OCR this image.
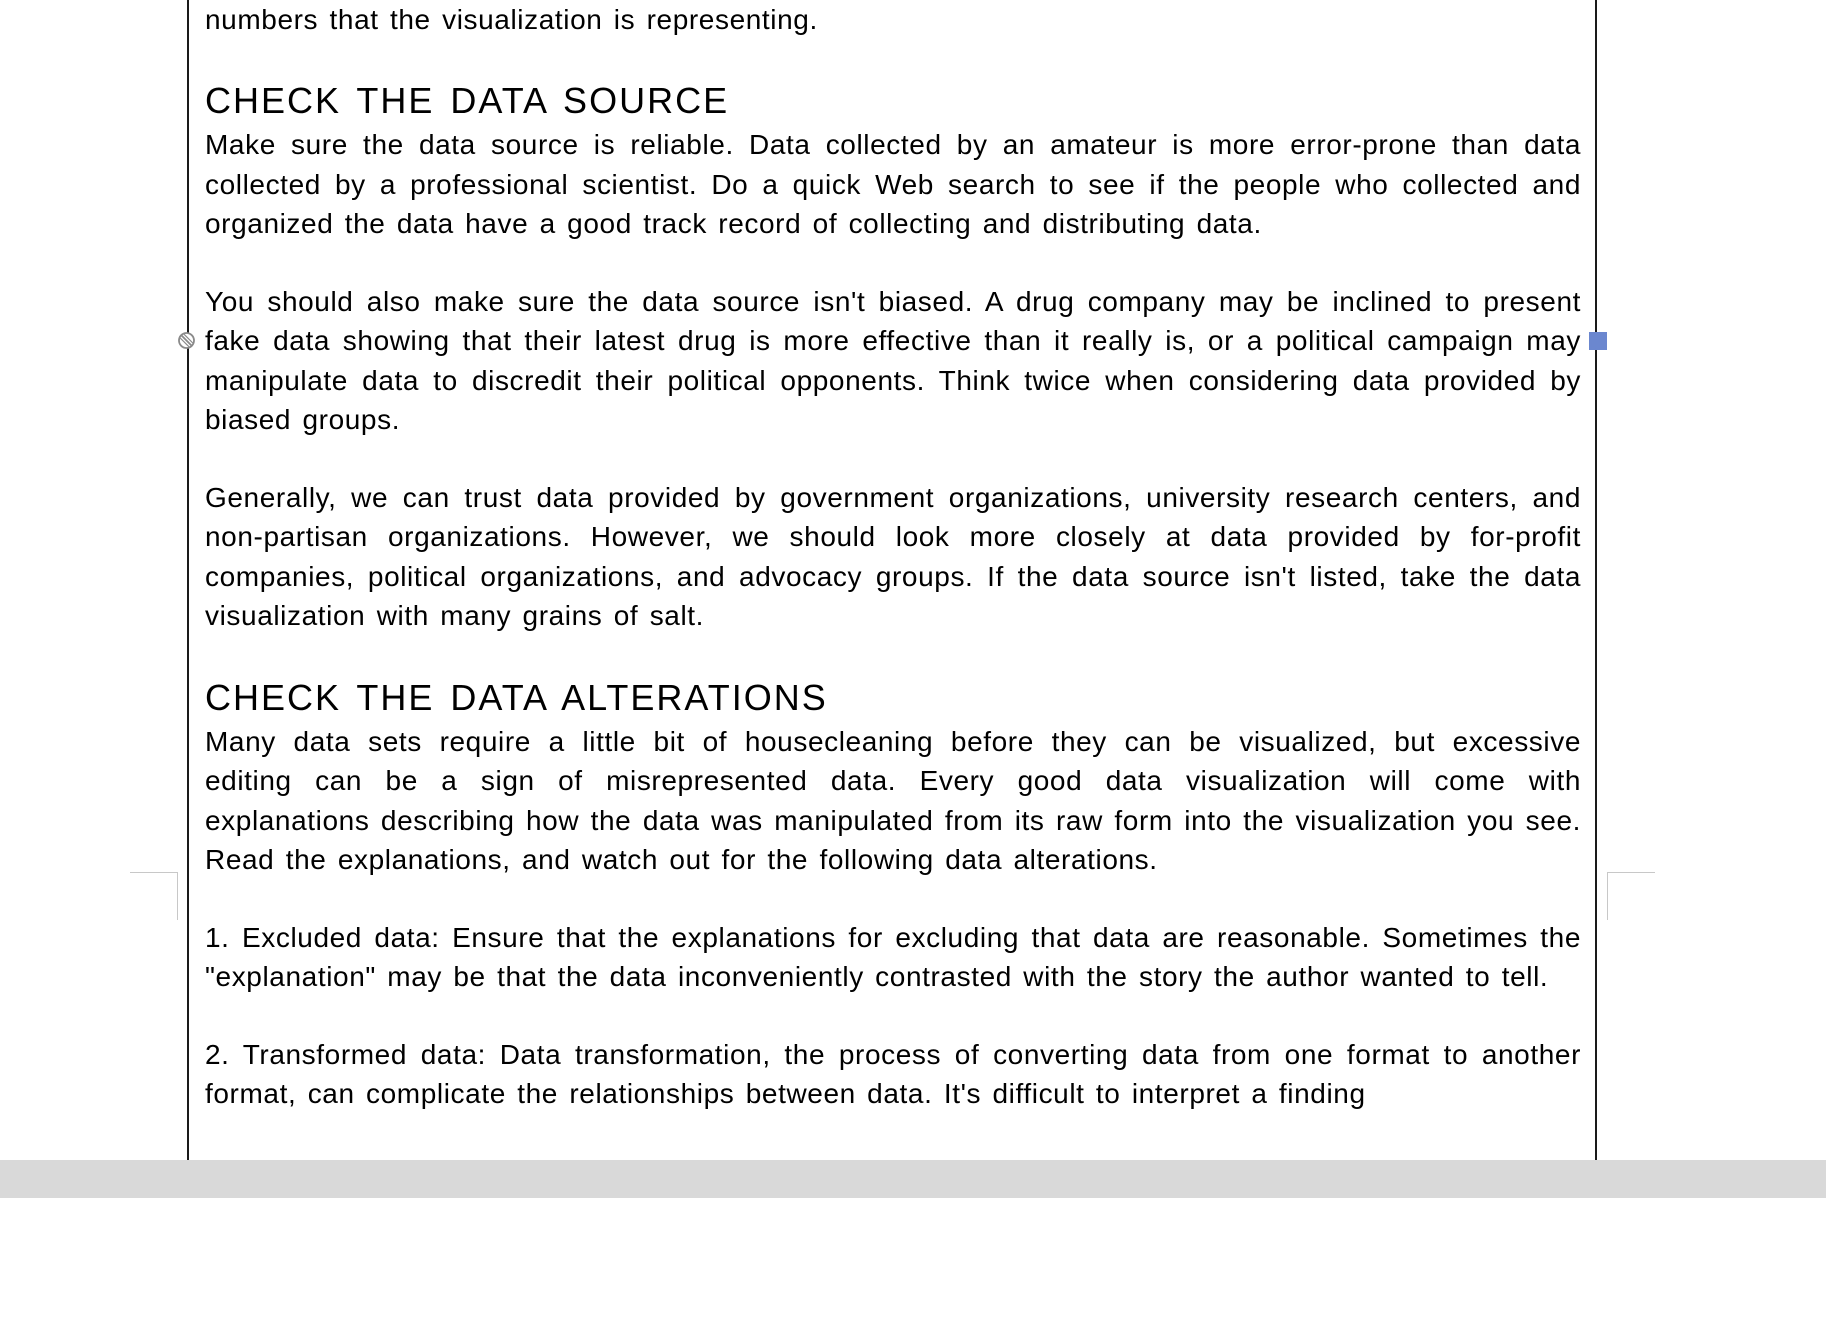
numbers that the visualization is representing.

CHECK THE DATA SOURCE

Make sure the data source is reliable. Data collected by an amateur is more error-prone than data collected by a professional scientist. Do a quick Web search to see if the people who collected and organized the data have a good track record of collecting and distributing data.

You should also make sure the data source isn't biased. A drug company may be inclined to present fake data showing that their latest drug is more effective than it really is, or a political campaign may manipulate data to discredit their political opponents. Think twice when considering data provided by biased groups.

Generally, we can trust data provided by government organizations, university research centers, and non-partisan organizations. However, we should look more closely at data provided by for-profit companies, political organizations, and advocacy groups. If the data source isn't listed, take the data visualization with many grains of salt.

CHECK THE DATA ALTERATIONS

Many data sets require a little bit of housecleaning before they can be visualized, but excessive editing can be a sign of misrepresented data. Every good data visualization will come with explanations describing how the data was manipulated from its raw form into the visualization you see. Read the explanations, and watch out for the following data alterations.

1. Excluded data: Ensure that the explanations for excluding that data are reasonable. Sometimes the "explanation" may be that the data inconveniently contrasted with the story the author wanted to tell.

2. Transformed data: Data transformation, the process of converting data from one format to another format, can complicate the relationships between data. It's difficult to interpret a finding
